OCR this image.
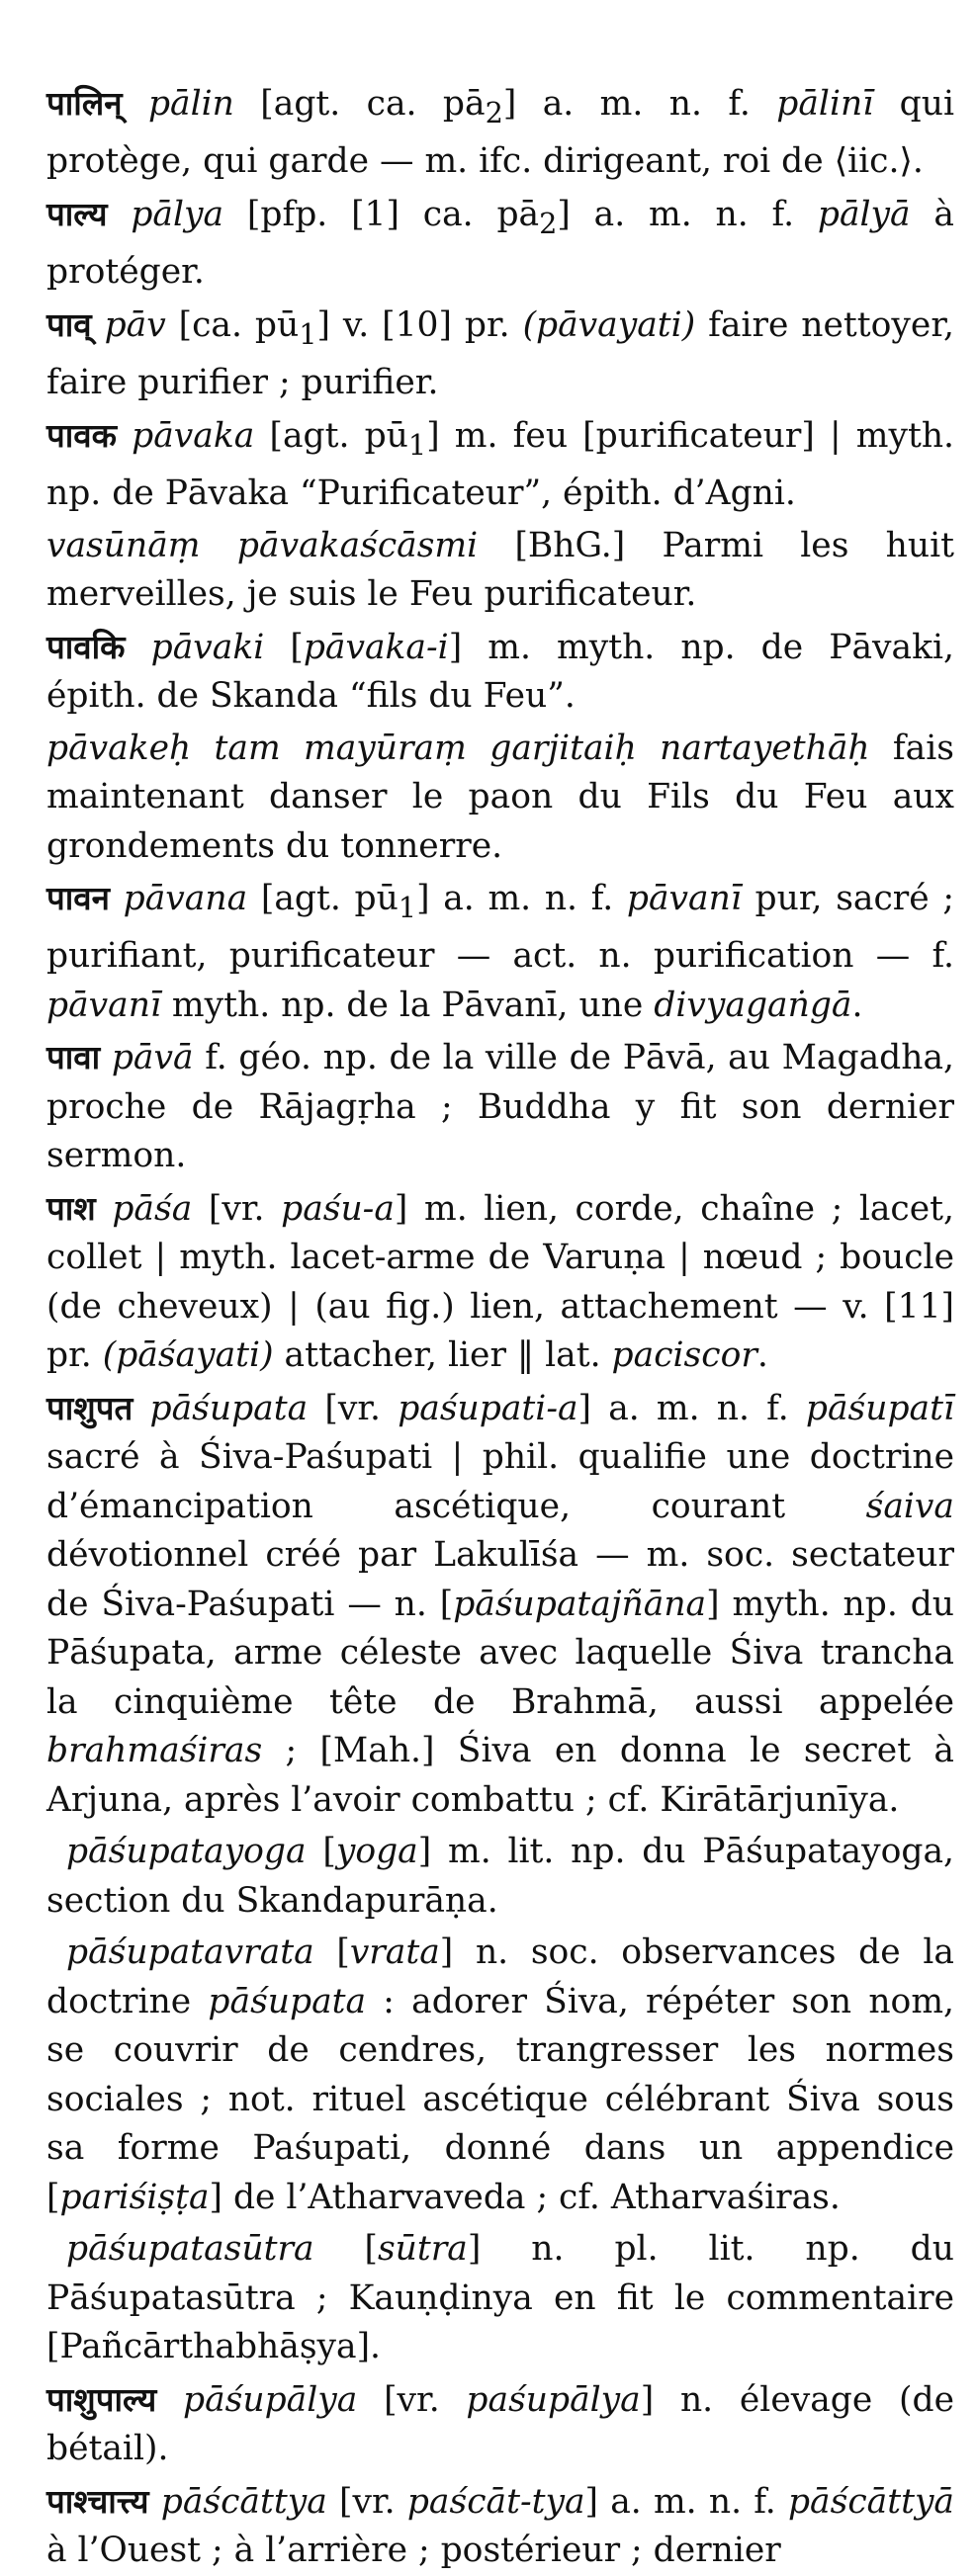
पालिन् pālin [agt. ca. $pā_2$] a. m. n. f. pālinī qui protège, qui garde — m. ifc. dirigeant, roi de ⟨iic.⟩.

पाल्य pālya [pfp. [1] ca. $pā_2$] a. m. n. f. pālyā à protéger.

पाव् pāv [ca. $pū_1$] v. [10] pr. (pāvayati) faire nettoyer, faire purifier ; purifier.

पावक pāvaka [agt. $pū_1$] m. feu [purificateur] | myth. np. de Pāvaka “Purificateur”, épith. d’Agni.

vasūnāṃ pāvakaścāsmi [BhG.] Parmi les huit merveilles, je suis le Feu purificateur.

पावकि pāvaki [pāvaka-i] m. myth. np. de Pāvaki, épith. de Skanda “fils du Feu”.

pāvakeḥ tam mayūraṃ garjitaiḥ nartayethāḥ fais maintenant danser le paon du Fils du Feu aux grondements du tonnerre.

पावन pāvana [agt. $pū_1$] a. m. n. f. pāvanī pur, sacré ; purifiant, purificateur — act. n. purification — f. pāvanī myth. np. de la Pāvanī, une divyagaṅgā.

पावा pāvā f. géo. np. de la ville de Pāvā, au Magadha, proche de Rājagṛha ; Buddha y fit son dernier sermon.

पाश pāśa [vr. paśu-a] m. lien, corde, chaîne ; lacet, collet | myth. lacet-arme de Varuṇa | nœud ; boucle (de cheveux) | (au fig.) lien, attachement — v. [11] pr. (pāśayati) attacher, lier ‖ lat. paciscor.

पाशुपत pāśupata [vr. paśupati-a] a. m. n. f. pāśupatī sacré à Śiva-Paśupati | phil. qualifie une doctrine d’émancipation ascétique, courant śaiva dévotionnel créé par Lakulīśa — m. soc. sectateur de Śiva-Paśupati — n. [pāśupatajñāna] myth. np. du Pāśupata, arme céleste avec laquelle Śiva trancha la cinquième tête de Brahmā, aussi appelée brahmaśiras ; [Mah.] Śiva en donna le secret à Arjuna, après l’avoir combattu ; cf. Kirātārjunīya.

pāśupatayoga [yoga] m. lit. np. du Pāśupatayoga, section du Skandapurāṇa.

pāśupatavrata [vrata] n. soc. observances de la doctrine pāśupata : adorer Śiva, répéter son nom, se couvrir de cendres, trangresser les normes sociales ; not. rituel ascétique célébrant Śiva sous sa forme Paśupati, donné dans un appendice [pariśiṣṭa] de l’Atharvaveda ; cf. Atharvaśiras.

pāśupatasūtra [sūtra] n. pl. lit. np. du Pāśupatasūtra ; Kauṇḍinya en fit le commentaire [Pañcārthabhāṣya].

पाशुपाल्य pāśupālya [vr. paśupālya] n. élevage (de bétail).

पाश्चात्त्य pāścāttya [vr. paścāt-tya] a. m. n. f. pāścāttyā à l’Ouest ; à l’arrière ; postérieur ; dernier
